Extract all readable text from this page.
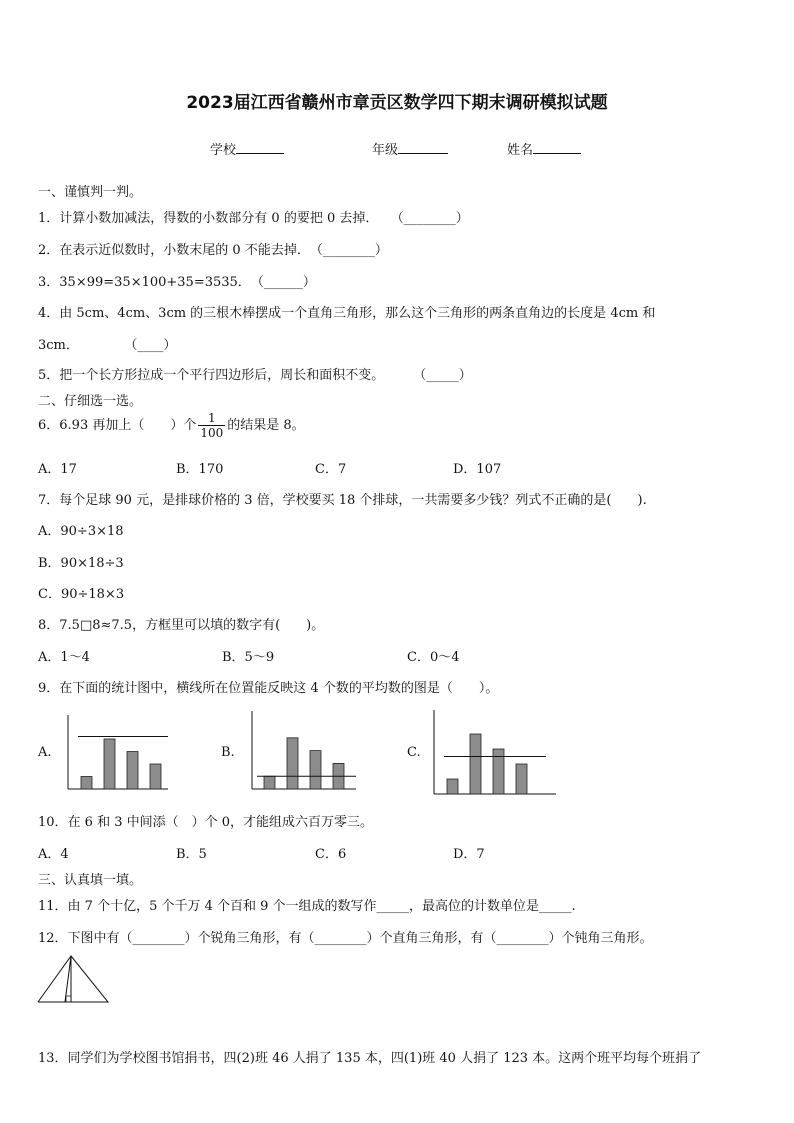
2023届江西省赣州市章贡区数学四下期末调研模拟试题
学校	年级	姓名
一、谨慎判一判。
1．计算小数加减法，得数的小数部分有 0 的要把 0 去掉． （________）
2．在表示近似数时，小数末尾的 0 不能去掉．（________）
3．35×99=35×100+35=3535．（______）
4．由 5cm、4cm、3cm 的三根木棒摆成一个直角三角形，那么这个三角形的两条直角边的长度是 4cm 和
3cm．	（____）
5．把一个长方形拉成一个平行四边形后，周长和面积不变。 （_____）
二、仔细选一选。
6．6.93 再加上（　　）个 $\frac{1}{100}$ 的结果是 8。
A．17	B．170	C．7	D．107
7．每个足球 90 元，是排球价格的 3 倍，学校要买 18 个排球，一共需要多少钱？列式不正确的是(　　).
A．90÷3×18
B．90×18÷3
C．90÷18×3
8．7.5□8≈7.5，方框里可以填的数字有(　　)。
A．1～4	B．5～9	C．0～4
9．在下面的统计图中，横线所在位置能反映这 4 个数的平均数的图是（　　）。
A.	B.	C.
10．在 6 和 3 中间添（　）个 0，才能组成六百万零三。
A．4	B．5	C．6	D．7
三、认真填一填。
11．由 7 个十亿，5 个千万 4 个百和 9 个一组成的数写作_____，最高位的计数单位是_____.
12．下图中有（________）个锐角三角形，有（________）个直角三角形，有（________）个钝角三角形。
13．同学们为学校图书馆捐书，四(2)班 46 人捐了 135 本，四(1)班 40 人捐了 123 本。这两个班平均每个班捐了
